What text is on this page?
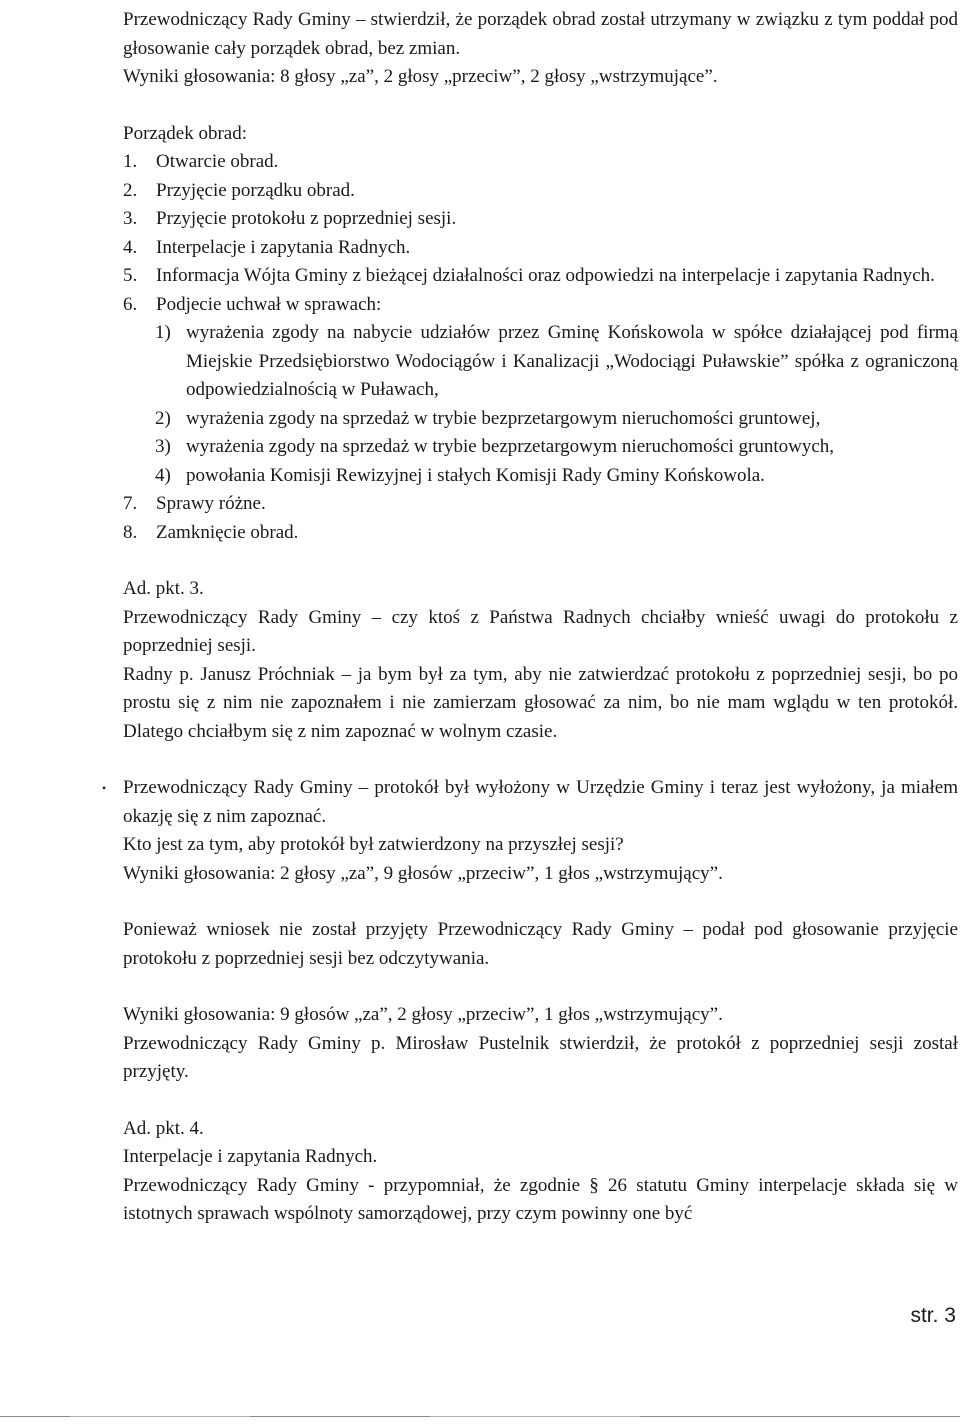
Przewodniczący Rady Gminy – stwierdził, że porządek obrad został utrzymany w związku z tym poddał pod głosowanie cały porządek obrad, bez zmian.

Wyniki głosowania: 8 głosy „za”, 2 głosy „przeciw”, 2 głosy „wstrzymujące”.

Porządek obrad:

1. Otwarcie obrad.
2. Przyjęcie porządku obrad.
3. Przyjęcie protokołu z poprzedniej sesji.
4. Interpelacje i zapytania Radnych.
5. Informacja Wójta Gminy z bieżącej działalności oraz odpowiedzi na interpelacje i zapytania Radnych.
6. Podjecie uchwał w sprawach:
1) wyrażenia zgody na nabycie udziałów przez Gminę Końskowola w spółce działającej pod firmą Miejskie Przedsiębiorstwo Wodociągów i Kanalizacji „Wodociągi Puławskie” spółka z ograniczoną odpowiedzialnością w Puławach,
2) wyrażenia zgody na sprzedaż w trybie bezprzetargowym nieruchomości gruntowej,
3) wyrażenia zgody na sprzedaż w trybie bezprzetargowym nieruchomości gruntowych,
4) powołania Komisji Rewizyjnej i stałych Komisji Rady Gminy Końskowola.
7. Sprawy różne.
8. Zamknięcie obrad.

Ad. pkt. 3.

Przewodniczący Rady Gminy – czy ktoś z Państwa Radnych chciałby wnieść uwagi do protokołu z poprzedniej sesji.

Radny p. Janusz Próchniak – ja bym był za tym, aby nie zatwierdzać protokołu z poprzedniej sesji, bo po prostu się z nim nie zapoznałem i nie zamierzam głosować za nim, bo nie mam wglądu w ten protokół. Dlatego chciałbym się z nim zapoznać w wolnym czasie.

• Przewodniczący Rady Gminy – protokół był wyłożony w Urzędzie Gminy i teraz jest wyłożony, ja miałem okazję się z nim zapoznać.

Kto jest za tym, aby protokół był zatwierdzony na przyszłej sesji?

Wyniki głosowania: 2 głosy „za”, 9 głosów „przeciw”, 1 głos „wstrzymujący”.

Ponieważ wniosek nie został przyjęty Przewodniczący Rady Gminy – podał pod głosowanie przyjęcie protokołu z poprzedniej sesji bez odczytywania.

Wyniki głosowania: 9 głosów „za”, 2 głosy „przeciw”, 1 głos „wstrzymujący”.

Przewodniczący Rady Gminy p. Mirosław Pustelnik stwierdził, że protokół z poprzedniej sesji został przyjęty.

Ad. pkt. 4.

Interpelacje i zapytania Radnych.

Przewodniczący Rady Gminy - przypomniał, że zgodnie § 26 statutu Gminy interpelacje składa się w istotnych sprawach wspólnoty samorządowej, przy czym powinny one być

str. 3
